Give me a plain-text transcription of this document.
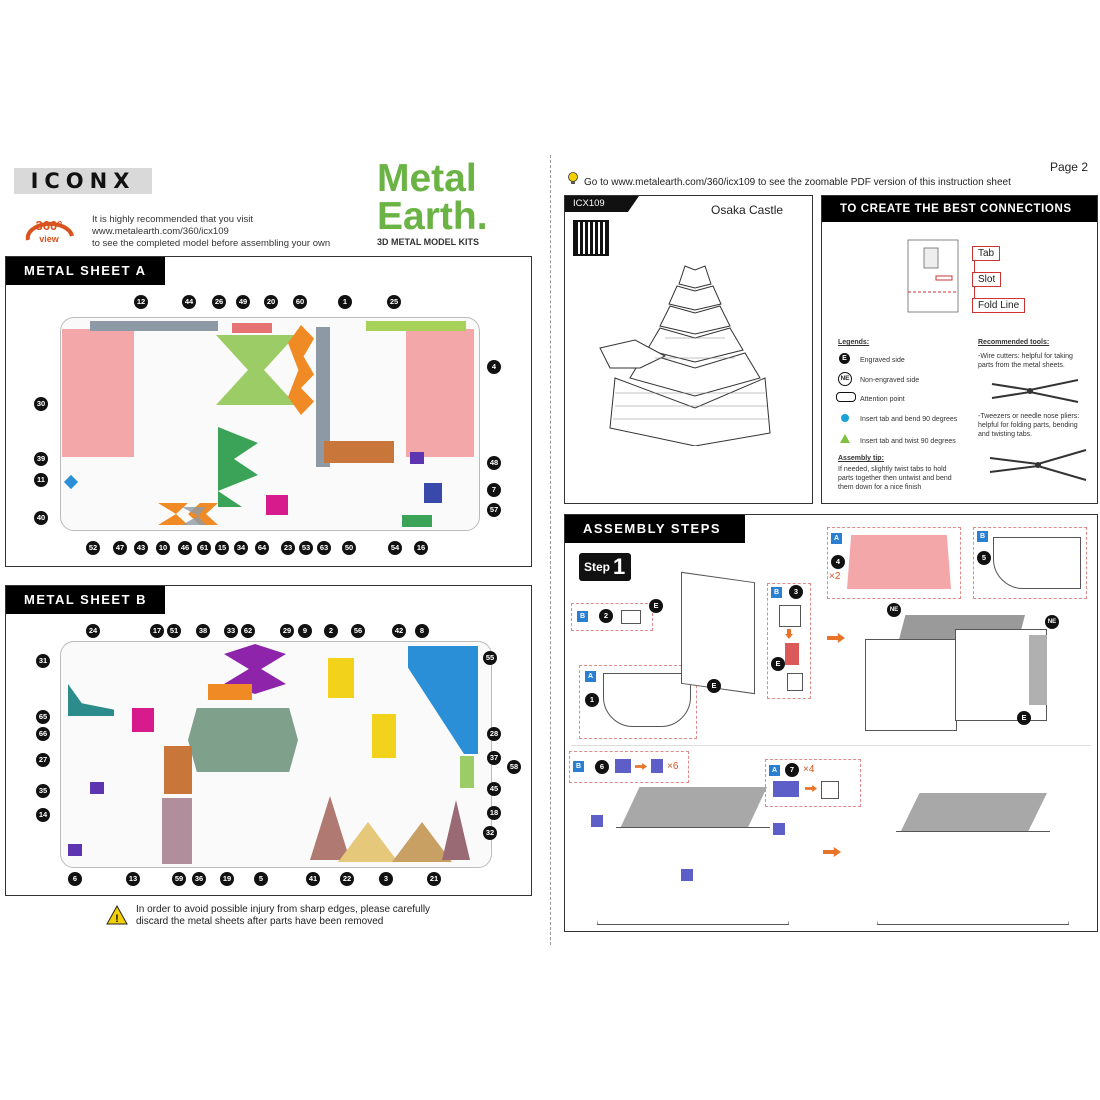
ICONX	Metal
Earth.
3D METAL MODEL KITS
360°
view
It is highly recommended that you visit
www.metalearth.com/360/icx109
to see the completed model before assembling your own
METAL SHEET A
12	44	26	49	20	60	1	25
30
39
11
40
4
48
7
57
52	47	43	10	46	61	15	34	64	23	53	63	50	54	16
METAL SHEET B
24	17	51	38	33	62	29	9	2	56	42	8
31
65
66
27
35
14
55
28
37
58
45
18
32
6	13	59	36	19	5	41	22	3	21
!
In order to avoid possible injury from sharp edges, please carefully
discard the metal sheets after parts have been removed
Page 2
Go to www.metalearth.com/360/icx109 to see the zoomable PDF version of this instruction sheet
ICX109	Osaka Castle	TO CREATE THE BEST CONNECTIONS
Tab
Slot
Fold Line
Legends:
E	Engraved side
NE	Non-engraved side
Attention point
Insert tab and bend 90 degrees
Insert tab and twist 90 degrees
Assembly tip:
If needed, slightly twist tabs to hold parts together then untwist and bend them down for a nice finish
Recommended tools:
-Wire cutters: helpful for taking parts from the metal sheets.
-Tweezers or needle nose pliers: helpful for folding parts, bending and twisting tabs.
ASSEMBLY STEPS
Step 1
B	2
A
1
E
E
B	3
E
A
4
×2
B
5
NE
NE
E
B	6	×6	A	7 ×4
